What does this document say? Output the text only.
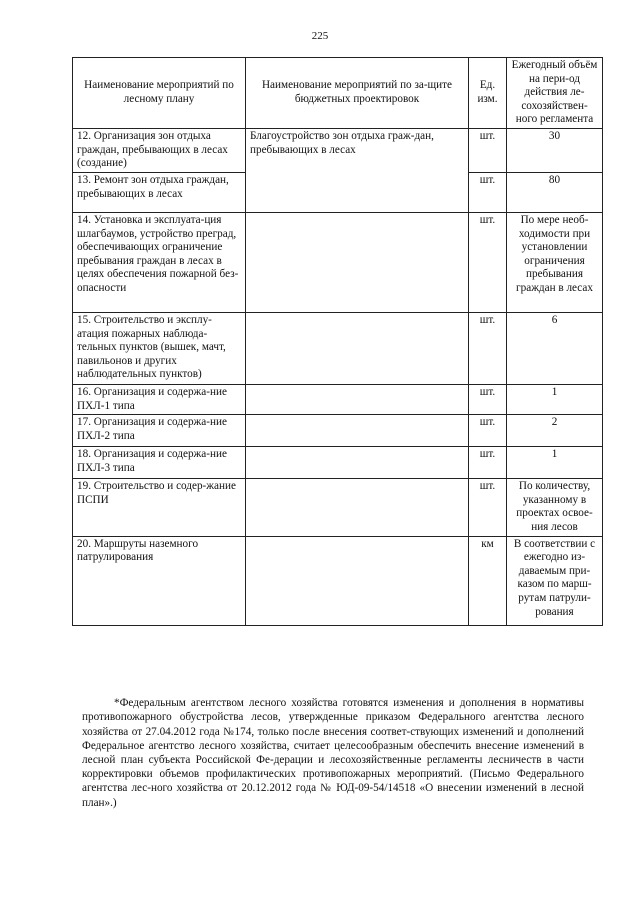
225
Наименование мероприятий по лесному плану	Наименование мероприятий по за-щите бюджетных проектировок	Ед. изм.	Ежегодный объём на пери-од действия ле-сохозяйствен-ного регламента
12. Организация зон отдыха граждан, пребывающих в лесах (создание)	Благоустройство зон отдыха граж-дан, пребывающих в лесах	шт.	30
13. Ремонт зон отдыха граждан, пребывающих в лесах		шт.	80
14. Установка и эксплуата-ция шлагбаумов, устройство преград, обеспечивающих ограничение пребывания граждан в лесах в целях обеспечения пожарной без-опасности		шт.	По мере необ-ходимости при установлении ограничения пребывания граждан в лесах
15. Строительство и эксплу-атация пожарных наблюда-тельных пунктов (вышек, мачт, павильонов и других наблюдательных пунктов)		шт.	6
16. Организация и содержа-ние ПХЛ-1 типа		шт.	1
17. Организация и содержа-ние ПХЛ-2 типа		шт.	2
18. Организация и содержа-ние ПХЛ-3 типа		шт.	1
19. Строительство и содер-жание ПСПИ		шт.	По количеству, указанному в проектах освое-ния лесов
20. Маршруты наземного патрулирования		км	В соответствии с ежегодно из-даваемым при-казом по марш-рутам патрули-рования

*Федеральным агентством лесного хозяйства готовятся изменения и дополнения в нормативы противопожарного обустройства лесов, утвержденные приказом Федерального агентства лесного хозяйства от 27.04.2012 года №174, только после внесения соответ-ствующих изменений и дополнений Федеральное агентство лесного хозяйства, считает целесообразным обеспечить внесение изменений в лесной план субъекта Российской Фе-дерации и лесохозяйственные регламенты лесничеств в части корректировки объемов профилактических противопожарных мероприятий. (Письмо Федерального агентства лес-ного хозяйства от 20.12.2012 года № ЮД-09-54/14518 «О внесении изменений в лесной план».)
